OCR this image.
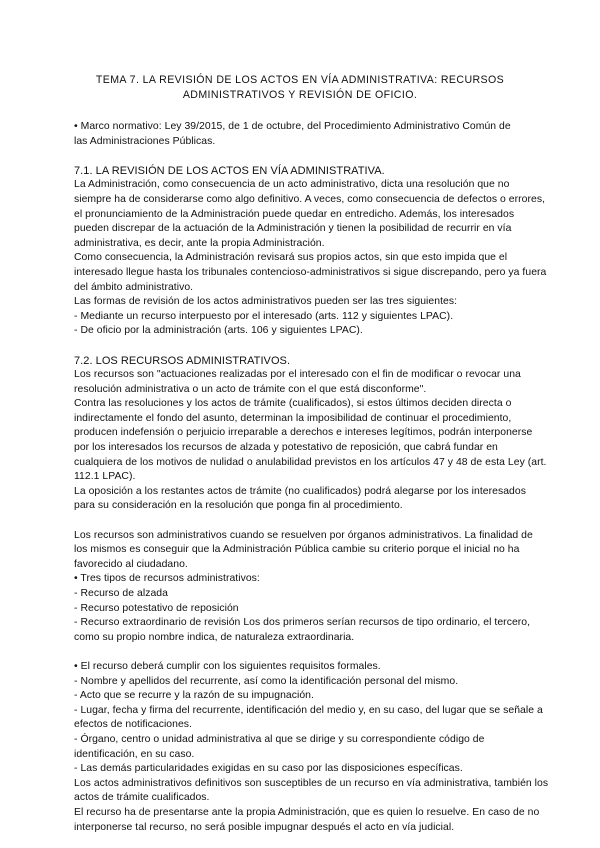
TEMA 7. LA REVISIÓN DE LOS ACTOS EN VÍA ADMINISTRATIVA: RECURSOS
ADMINISTRATIVOS Y REVISIÓN DE OFICIO.
• Marco normativo: Ley 39/2015, de 1 de octubre, del Procedimiento Administrativo Común de
las Administraciones Públicas.
7.1. LA REVISIÓN DE LOS ACTOS EN VÍA ADMINISTRATIVA.
La Administración, como consecuencia de un acto administrativo, dicta una resolución que no
siempre ha de considerarse como algo definitivo. A veces, como consecuencia de defectos o errores,
el pronunciamiento de la Administración puede quedar en entredicho. Además, los interesados
pueden discrepar de la actuación de la Administración y tienen la posibilidad de recurrir en vía
administrativa, es decir, ante la propia Administración.
Como consecuencia, la Administración revisará sus propios actos, sin que esto impida que el
interesado llegue hasta los tribunales contencioso-administrativos si sigue discrepando, pero ya fuera
del ámbito administrativo.
Las formas de revisión de los actos administrativos pueden ser las tres siguientes:
- Mediante un recurso interpuesto por el interesado (arts. 112 y siguientes LPAC).
- De oficio por la administración (arts. 106 y siguientes LPAC).
7.2. LOS RECURSOS ADMINISTRATIVOS.
Los recursos son "actuaciones realizadas por el interesado con el fin de modificar o revocar una
resolución administrativa o un acto de trámite con el que está disconforme".
Contra las resoluciones y los actos de trámite (cualificados), si estos últimos deciden directa o
indirectamente el fondo del asunto, determinan la imposibilidad de continuar el procedimiento,
producen indefensión o perjuicio irreparable a derechos e intereses legítimos, podrán interponerse
por los interesados los recursos de alzada y potestativo de reposición, que cabrá fundar en
cualquiera de los motivos de nulidad o anulabilidad previstos en los artículos 47 y 48 de esta Ley (art.
112.1 LPAC).
La oposición a los restantes actos de trámite (no cualificados) podrá alegarse por los interesados
para su consideración en la resolución que ponga fin al procedimiento.
Los recursos son administrativos cuando se resuelven por órganos administrativos. La finalidad de
los mismos es conseguir que la Administración Pública cambie su criterio porque el inicial no ha
favorecido al ciudadano.
• Tres tipos de recursos administrativos:
- Recurso de alzada
- Recurso potestativo de reposición
- Recurso extraordinario de revisión Los dos primeros serían recursos de tipo ordinario, el tercero,
como su propio nombre indica, de naturaleza extraordinaria.
• El recurso deberá cumplir con los siguientes requisitos formales.
- Nombre y apellidos del recurrente, así como la identificación personal del mismo.
- Acto que se recurre y la razón de su impugnación.
- Lugar, fecha y firma del recurrente, identificación del medio y, en su caso, del lugar que se señale a
efectos de notificaciones.
- Órgano, centro o unidad administrativa al que se dirige y su correspondiente código de
identificación, en su caso.
- Las demás particularidades exigidas en su caso por las disposiciones específicas.
Los actos administrativos definitivos son susceptibles de un recurso en vía administrativa, también los
actos de trámite cualificados.
El recurso ha de presentarse ante la propia Administración, que es quien lo resuelve. En caso de no
interponerse tal recurso, no será posible impugnar después el acto en vía judicial.
